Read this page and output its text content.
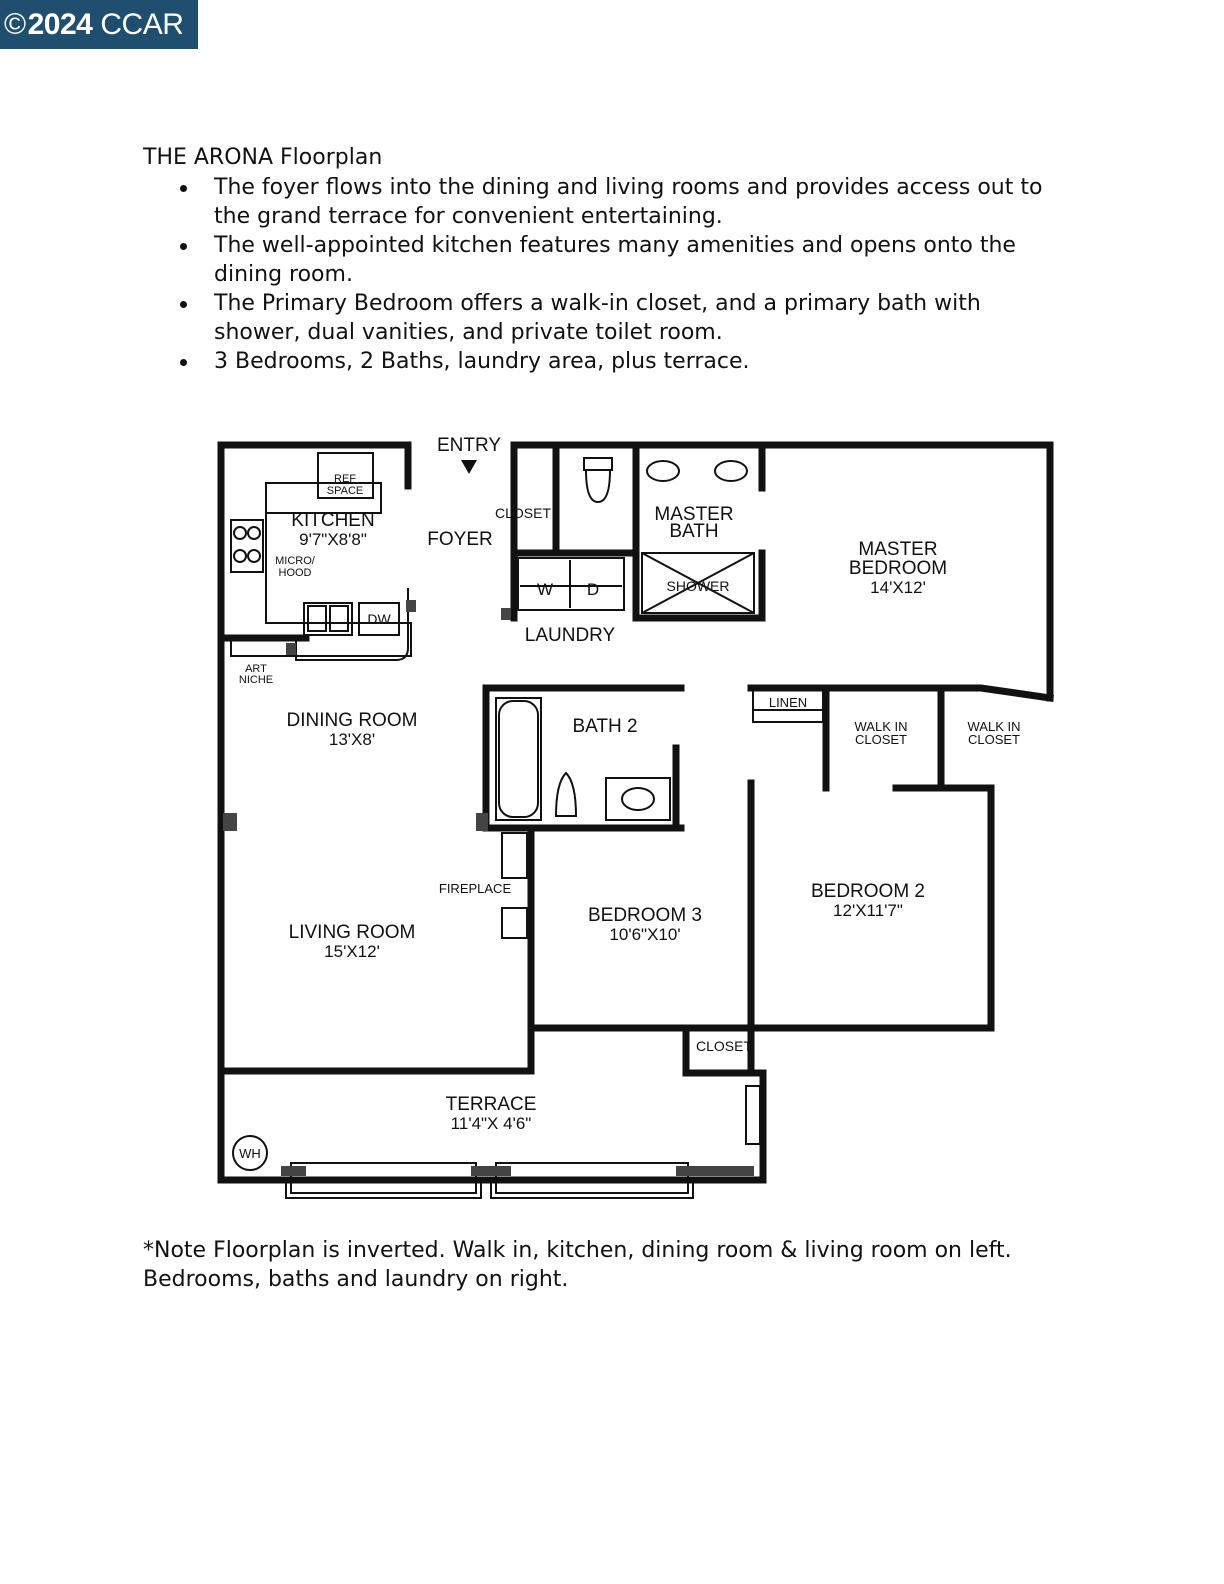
© 2024 CCAR
THE ARONA Floorplan
The foyer flows into the dining and living rooms and provides access out to the grand terrace for convenient entertaining.
The well-appointed kitchen features many amenities and opens onto the dining room.
The Primary Bedroom offers a walk-in closet, and a primary bath with shower, dual vanities, and private toilet room.
3 Bedrooms, 2 Baths, laundry area, plus terrace.
ENTRY
KITCHEN
9'7"X8'8"
REF
SPACE
MICRO/
HOOD
DW
FOYER
CLOSET	MASTER
BATH
SHOWER
W D
LAUNDRY
MASTER
BEDROOM
14'X12'
ART
NICHE
DINING ROOM
13'X8'
BATH 2
LINEN
WALK IN
CLOSET
WALK IN
CLOSET
FIREPLACE
LIVING ROOM
15'X12'
BEDROOM 3
10'6"X10'
BEDROOM 2
12'X11'7"
CLOSET
TERRACE
11'4"X 4'6"
WH
*Note Floorplan is inverted. Walk in, kitchen, dining room & living room on left. Bedrooms, baths and laundry on right.
